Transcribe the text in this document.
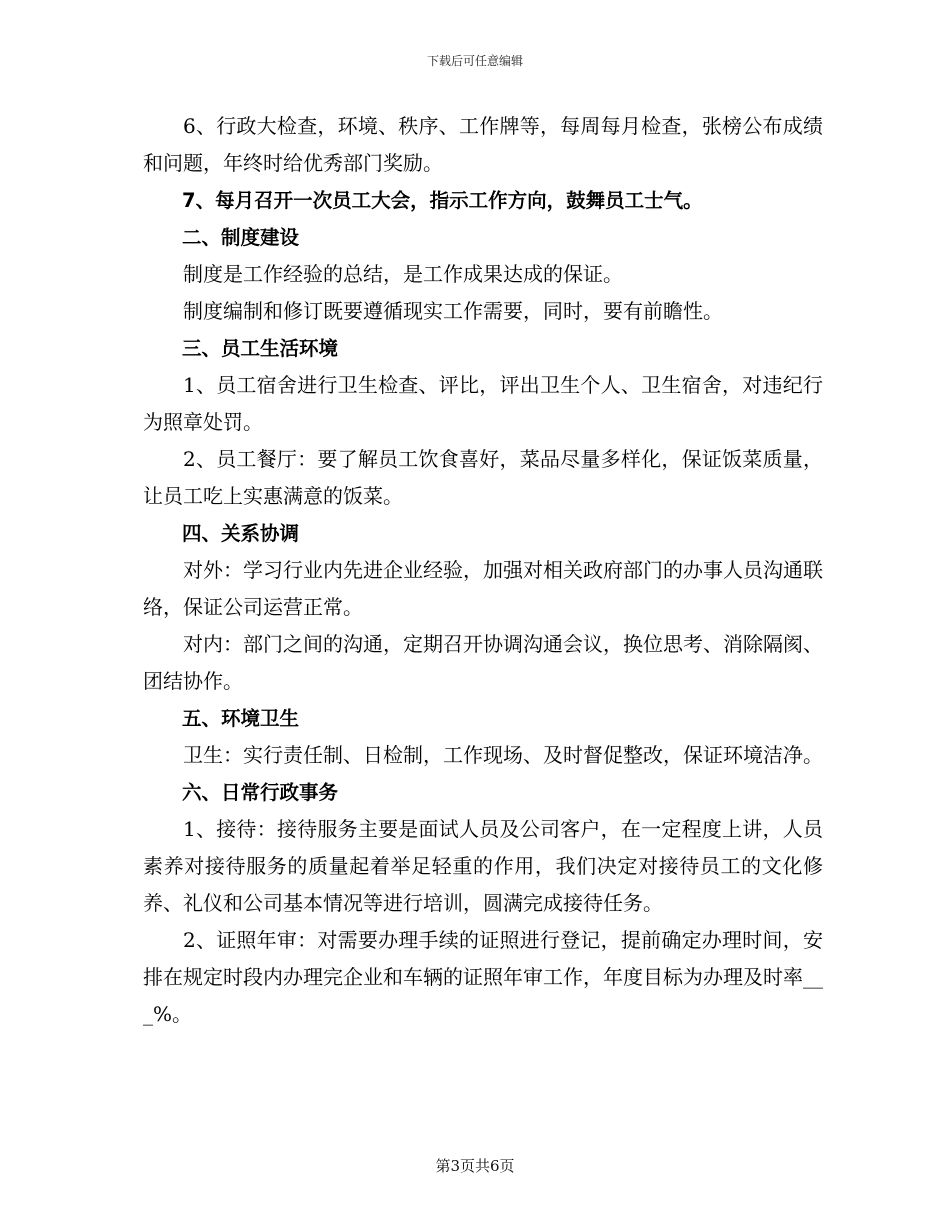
下载后可任意编辑

6、行政大检查，环境、秩序、工作牌等，每周每月检查，张榜公布成绩和问题，年终时给优秀部门奖励。

7、每月召开一次员工大会，指示工作方向，鼓舞员工士气。

二、制度建设

制度是工作经验的总结，是工作成果达成的保证。

制度编制和修订既要遵循现实工作需要，同时，要有前瞻性。

三、员工生活环境

1、员工宿舍进行卫生检查、评比，评出卫生个人、卫生宿舍，对违纪行为照章处罚。

2、员工餐厅：要了解员工饮食喜好，菜品尽量多样化，保证饭菜质量，让员工吃上实惠满意的饭菜。

四、关系协调

对外：学习行业内先进企业经验，加强对相关政府部门的办事人员沟通联络，保证公司运营正常。

对内：部门之间的沟通，定期召开协调沟通会议，换位思考、消除隔阂、团结协作。

五、环境卫生

卫生：实行责任制、日检制，工作现场、及时督促整改，保证环境洁净。

六、日常行政事务

1、接待：接待服务主要是面试人员及公司客户，在一定程度上讲，人员素养对接待服务的质量起着举足轻重的作用，我们决定对接待员工的文化修养、礼仪和公司基本情况等进行培训，圆满完成接待任务。

2、证照年审：对需要办理手续的证照进行登记，提前确定办理时间，安排在规定时段内办理完企业和车辆的证照年审工作，年度目标为办理及时率___%。

第3页共6页
